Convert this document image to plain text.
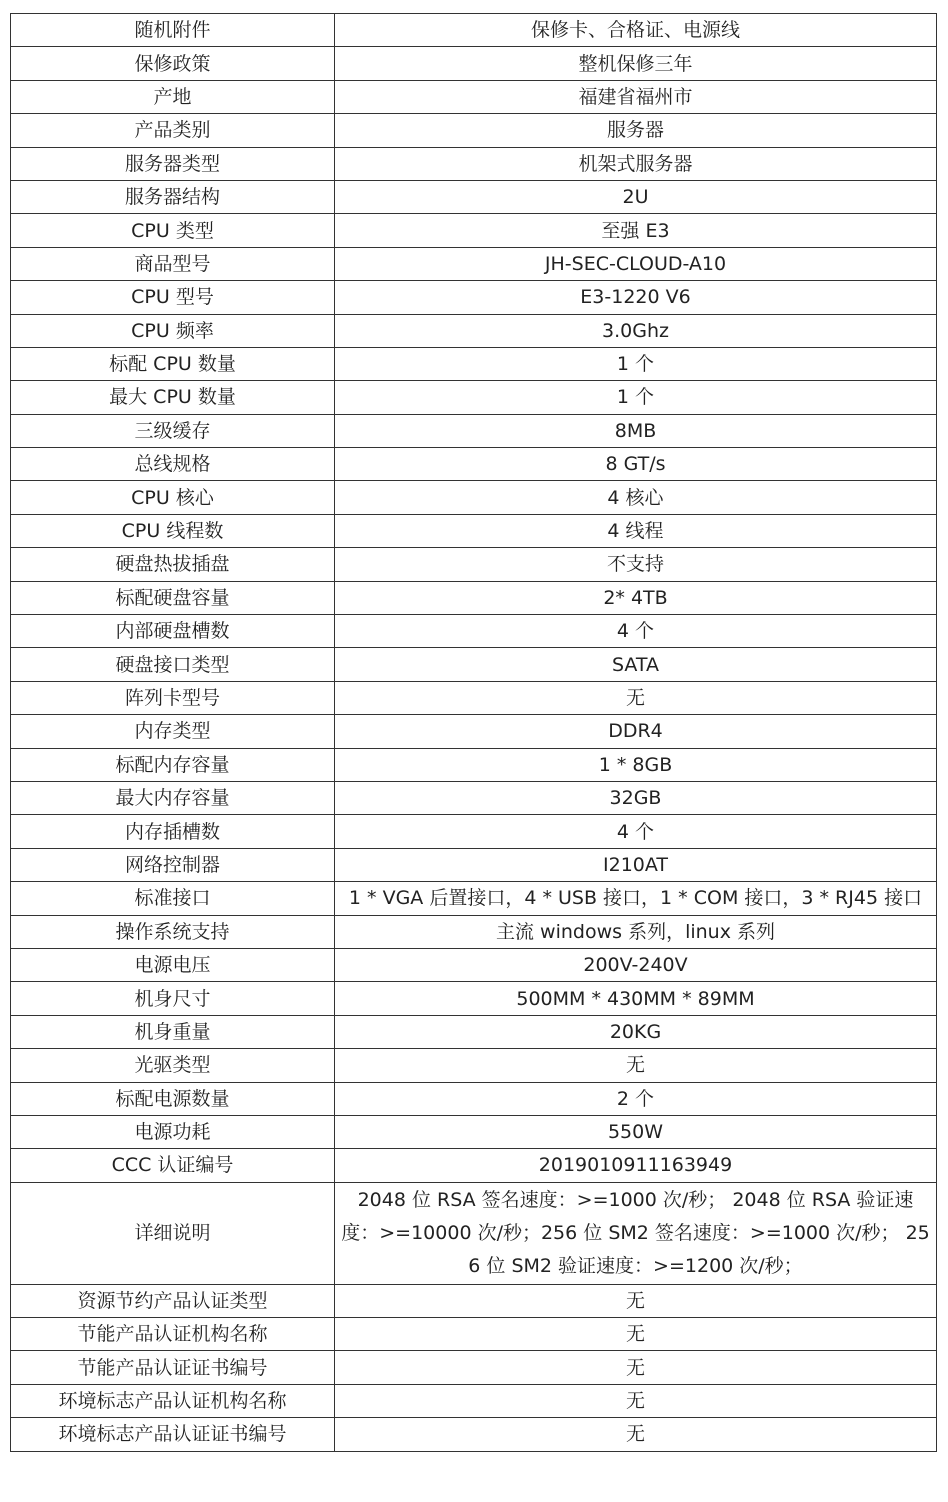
随机附件	保修卡、合格证、电源线
保修政策	整机保修三年
产地	福建省福州市
产品类别	服务器
服务器类型	机架式服务器
服务器结构	2U
CPU 类型	至强 E3
商品型号	JH-SEC-CLOUD-A10
CPU 型号	E3-1220 V6
CPU 频率	3.0Ghz
标配 CPU 数量	1 个
最大 CPU 数量	1 个
三级缓存	8MB
总线规格	8 GT/s
CPU 核心	4 核心
CPU 线程数	4 线程
硬盘热拔插盘	不支持
标配硬盘容量	2* 4TB
内部硬盘槽数	4 个
硬盘接口类型	SATA
阵列卡型号	无
内存类型	DDR4
标配内存容量	1 * 8GB
最大内存容量	32GB
内存插槽数	4 个
网络控制器	I210AT
标准接口	1 * VGA 后置接口，4 * USB 接口，1 * COM 接口，3 * RJ45 接口
操作系统支持	主流 windows 系列，linux 系列
电源电压	200V-240V
机身尺寸	500MM * 430MM * 89MM
机身重量	20KG
光驱类型	无
标配电源数量	2 个
电源功耗	550W
CCC 认证编号	2019010911163949
详细说明	2048 位 RSA 签名速度：>=1000 次/秒； 2048 位 RSA 验证速度：>=10000 次/秒；256 位 SM2 签名速度：>=1000 次/秒； 256 位 SM2 验证速度：>=1200 次/秒；
资源节约产品认证类型	无
节能产品认证机构名称	无
节能产品认证证书编号	无
环境标志产品认证机构名称	无
环境标志产品认证证书编号	无
